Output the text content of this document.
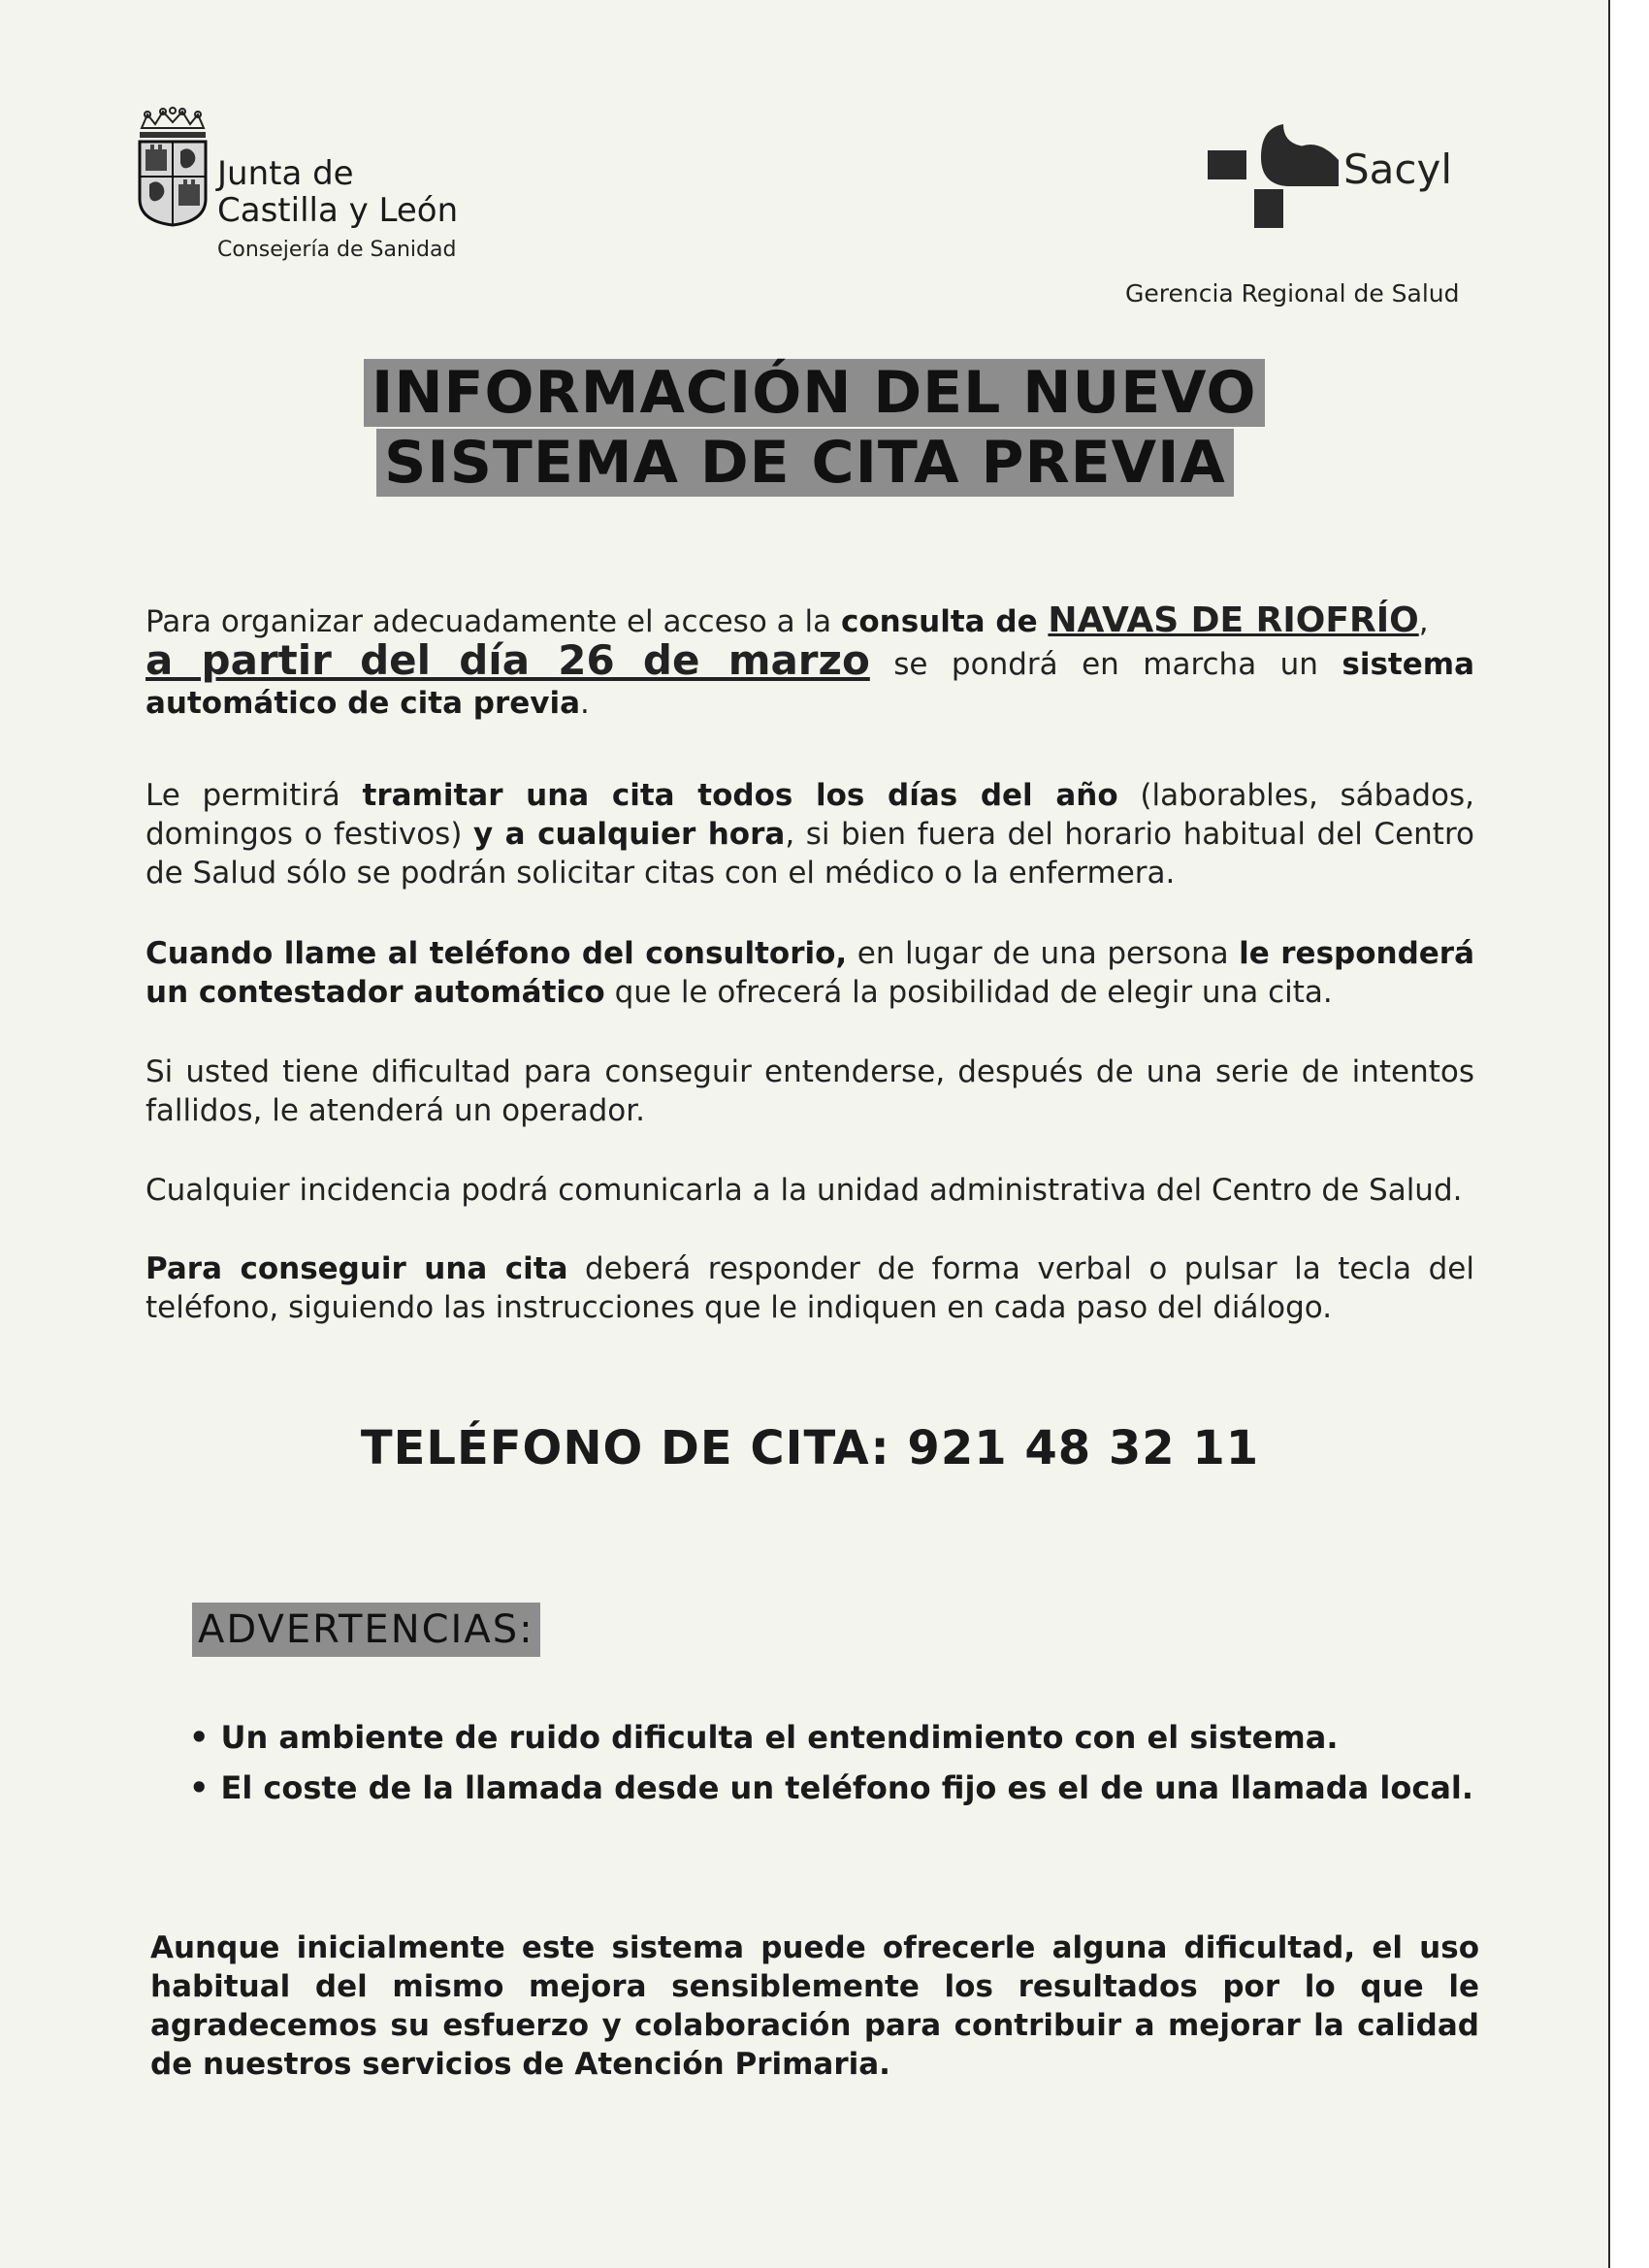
Junta de
Castilla y León
Consejería de Sanidad
Sacyl
Gerencia Regional de Salud
INFORMACIÓN DEL NUEVO
SISTEMA DE CITA PREVIA
Para organizar adecuadamente el acceso a la consulta de NAVAS DE RIOFRÍO,
a partir del día 26 de marzo se pondrá en marcha un sistema automático de cita previa.
Le permitirá tramitar una cita todos los días del año (laborables, sábados, domingos o festivos) y a cualquier hora, si bien fuera del horario habitual del Centro de Salud sólo se podrán solicitar citas con el médico o la enfermera.
Cuando llame al teléfono del consultorio, en lugar de una persona le responderá un contestador automático que le ofrecerá la posibilidad de elegir una cita.
Si usted tiene dificultad para conseguir entenderse, después de una serie de intentos fallidos, le atenderá un operador.
Cualquier incidencia podrá comunicarla a la unidad administrativa del Centro de Salud.
Para conseguir una cita deberá responder de forma verbal o pulsar la tecla del teléfono, siguiendo las instrucciones que le indiquen en cada paso del diálogo.
TELÉFONO DE CITA: 921 48 32 11
ADVERTENCIAS:
• Un ambiente de ruido dificulta el entendimiento con el sistema.
• El coste de la llamada desde un teléfono fijo es el de una llamada local.
Aunque inicialmente este sistema puede ofrecerle alguna dificultad, el uso habitual del mismo mejora sensiblemente los resultados por lo que le agradecemos su esfuerzo y colaboración para contribuir a mejorar la calidad de nuestros servicios de Atención Primaria.
